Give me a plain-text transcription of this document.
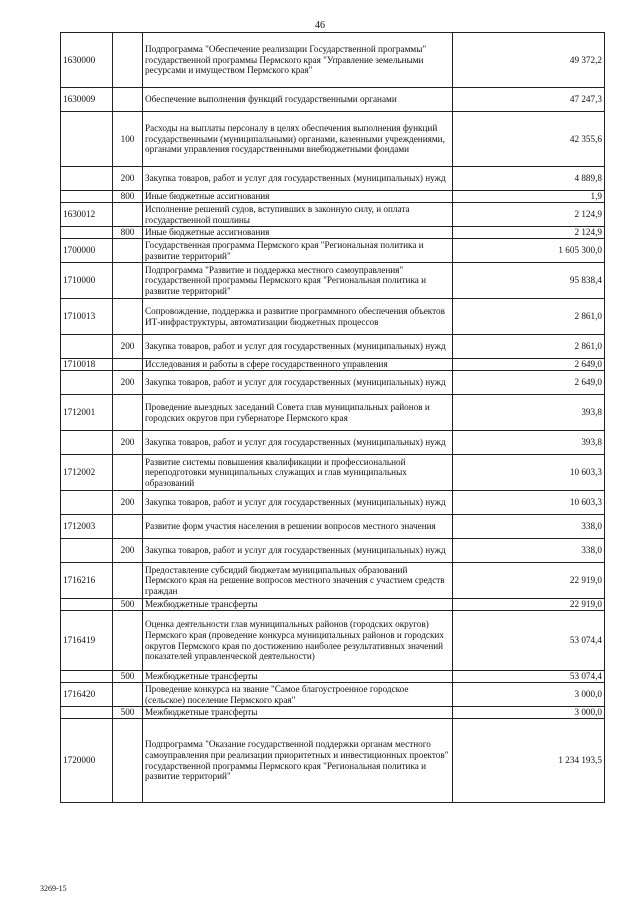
46
1630000		Подпрограмма "Обеспечение реализации Государственной программы" государственной программы Пермского края "Управление земельными ресурсами и имуществом Пермского края"	49 372,2
1630009		Обеспечение выполнения функций государственными органами	47 247,3
	100	Расходы на выплаты персоналу в целях обеспечения выполнения функций государственными (муниципальными) органами, казенными учреждениями, органами управления государственными внебюджетными фондами	42 355,6
	200	Закупка товаров, работ и услуг для государственных (муниципальных) нужд	4 889,8
	800	Иные бюджетные ассигнования	1,9
1630012		Исполнение решений судов, вступивших в законную силу, и оплата государственной пошлины	2 124,9
	800	Иные бюджетные ассигнования	2 124,9
1700000		Государственная программа Пермского края "Региональная политика и развитие территорий"	1 605 300,0
1710000		Подпрограмма "Развитие и поддержка местного самоуправления" государственной программы Пермского края "Региональная политика и развитие территорий"	95 838,4
1710013		Сопровождение, поддержка и развитие программного обеспечения объектов ИТ-инфраструктуры, автоматизации бюджетных процессов	2 861,0
	200	Закупка товаров, работ и услуг для государственных (муниципальных) нужд	2 861,0
1710018		Исследования и работы в сфере государственного управления	2 649,0
	200	Закупка товаров, работ и услуг для государственных (муниципальных) нужд	2 649,0
1712001		Проведение выездных заседаний Совета глав муниципальных районов и городских округов при губернаторе Пермского края	393,8
	200	Закупка товаров, работ и услуг для государственных (муниципальных) нужд	393,8
1712002		Развитие системы повышения квалификации и профессиональной переподготовки муниципальных служащих и глав муниципальных образований	10 603,3
	200	Закупка товаров, работ и услуг для государственных (муниципальных) нужд	10 603,3
1712003		Развитие форм участия населения в решении вопросов местного значения	338,0
	200	Закупка товаров, работ и услуг для государственных (муниципальных) нужд	338,0
1716216		Предоставление субсидий бюджетам муниципальных образований Пермского края на решение вопросов местного значения с участием средств граждан	22 919,0
	500	Межбюджетные трансферты	22 919,0
1716419		Оценка деятельности глав муниципальных районов (городских округов) Пермского края (проведение конкурса муниципальных районов и городских округов Пермского края по достижению наиболее результативных значений показателей управленческой деятельности)	53 074,4
	500	Межбюджетные трансферты	53 074,4
1716420		Проведение конкурса на звание "Самое благоустроенное городское (сельское) поселение Пермского края"	3 000,0
	500	Межбюджетные трансферты	3 000,0
1720000		Подпрограмма "Оказание государственной поддержки органам местного самоуправления при реализации приоритетных и инвестиционных проектов" государственной программы Пермского края "Региональная политика и развитие территорий"	1 234 193,5
3269-15
